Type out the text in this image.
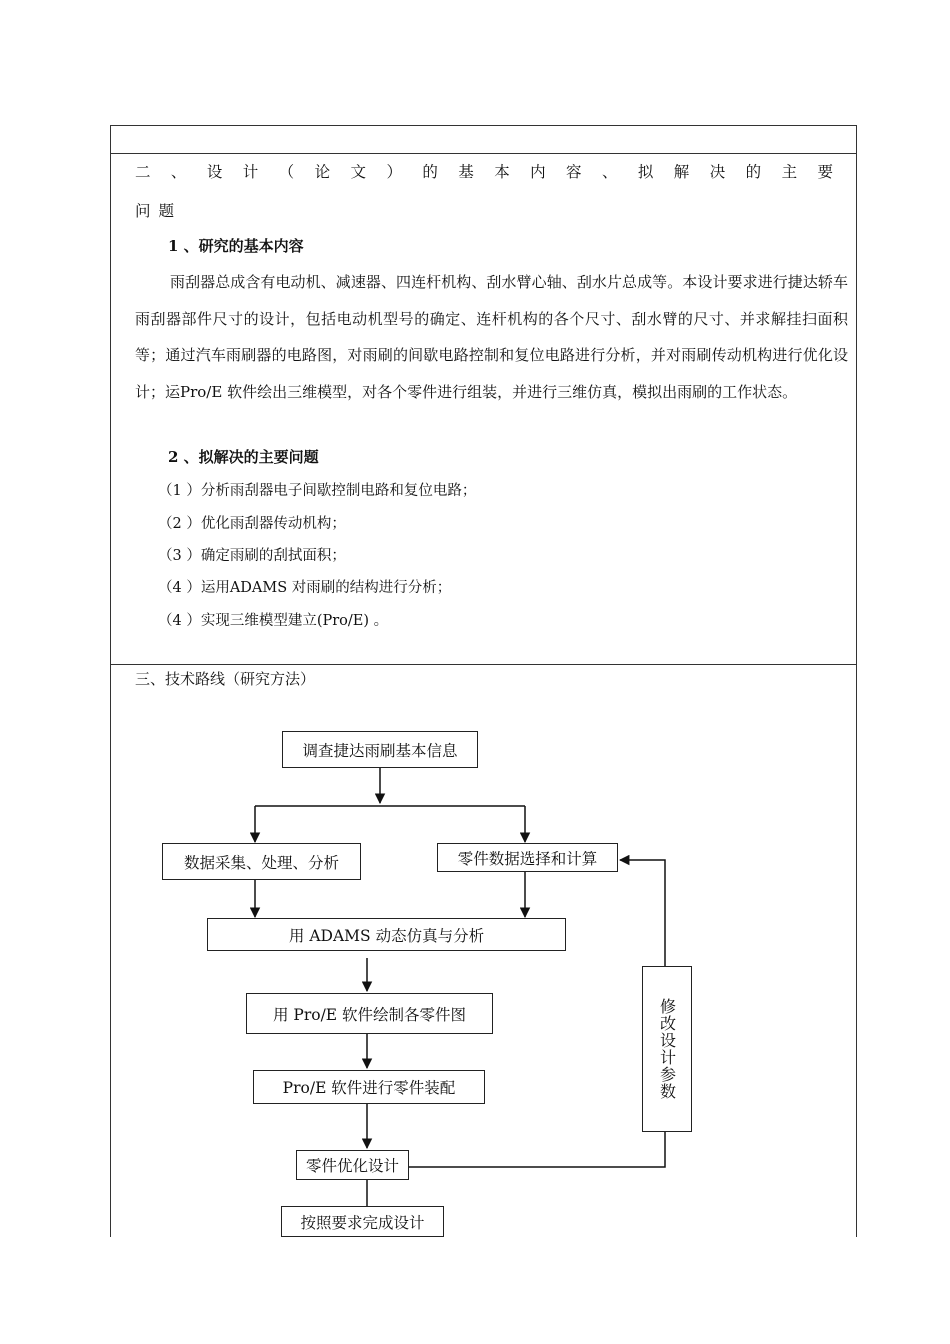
二、设计（论文）的基本内容、拟解决的主要
问题
1 、研究的基本内容
雨刮器总成含有电动机、减速器、四连杆机构、刮水臂心轴、刮水片总成等。本设计要求进行捷达轿车雨刮器部件尺寸的设计，包括电动机型号的确定、连杆机构的各个尺寸、刮水臂的尺寸、并求解挂扫面积等；通过汽车雨刷器的电路图，对雨刷的间歇电路控制和复位电路进行分析，并对雨刷传动机构进行优化设计；运Pro/E 软件绘出三维模型，对各个零件进行组装，并进行三维仿真，模拟出雨刷的工作状态。
2 、拟解决的主要问题
（1 ）分析雨刮器电子间歇控制电路和复位电路；
（2 ）优化雨刮器传动机构；
（3 ）确定雨刷的刮拭面积；
（4 ）运用ADAMS 对雨刷的结构进行分析；
（4 ）实现三维模型建立(Pro/E) 。
三、技术路线（研究方法）
调查捷达雨刷基本信息
数据采集、处理、分析	零件数据选择和计算
用 ADAMS 动态仿真与分析
用 Pro/E 软件绘制各零件图
Pro/E 软件进行零件装配
零件优化设计
按照要求完成设计
修改设计参数
